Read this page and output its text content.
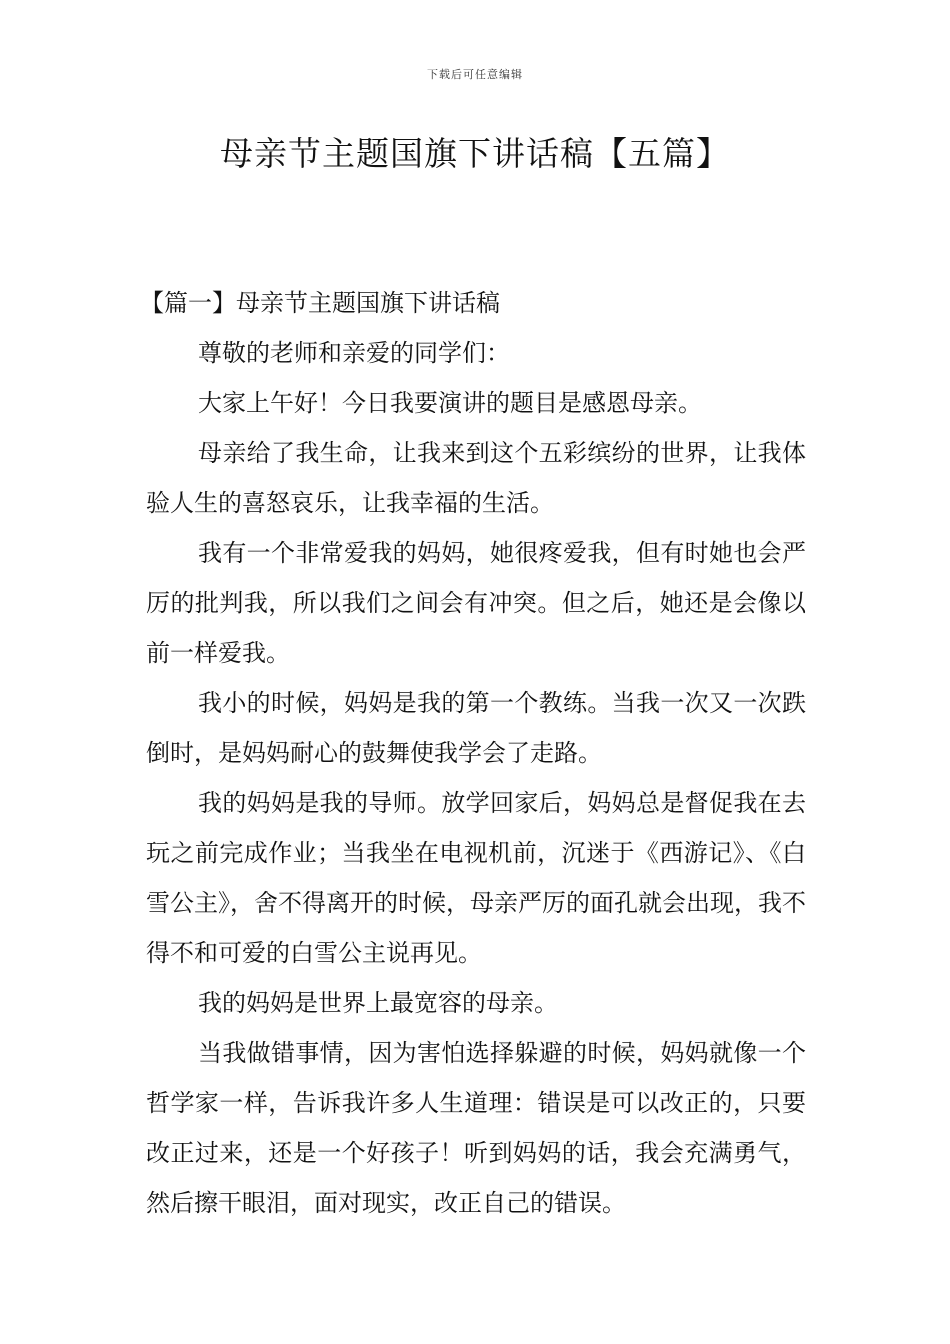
下载后可任意编辑
母亲节主题国旗下讲话稿【五篇】

【篇一】母亲节主题国旗下讲话稿

尊敬的老师和亲爱的同学们：

大家上午好！今日我要演讲的题目是感恩母亲。

母亲给了我生命，让我来到这个五彩缤纷的世界，让我体验人生的喜怒哀乐，让我幸福的生活。

我有一个非常爱我的妈妈，她很疼爱我，但有时她也会严厉的批判我，所以我们之间会有冲突。但之后，她还是会像以前一样爱我。

我小的时候，妈妈是我的第一个教练。当我一次又一次跌倒时，是妈妈耐心的鼓舞使我学会了走路。

我的妈妈是我的导师。放学回家后，妈妈总是督促我在去玩之前完成作业；当我坐在电视机前，沉迷于《西游记》、《白雪公主》，舍不得离开的时候，母亲严厉的面孔就会出现，我不得不和可爱的白雪公主说再见。

我的妈妈是世界上最宽容的母亲。

当我做错事情，因为害怕选择躲避的时候，妈妈就像一个哲学家一样，告诉我许多人生道理：错误是可以改正的，只要改正过来，还是一个好孩子！听到妈妈的话，我会充满勇气，然后擦干眼泪，面对现实，改正自己的错误。
